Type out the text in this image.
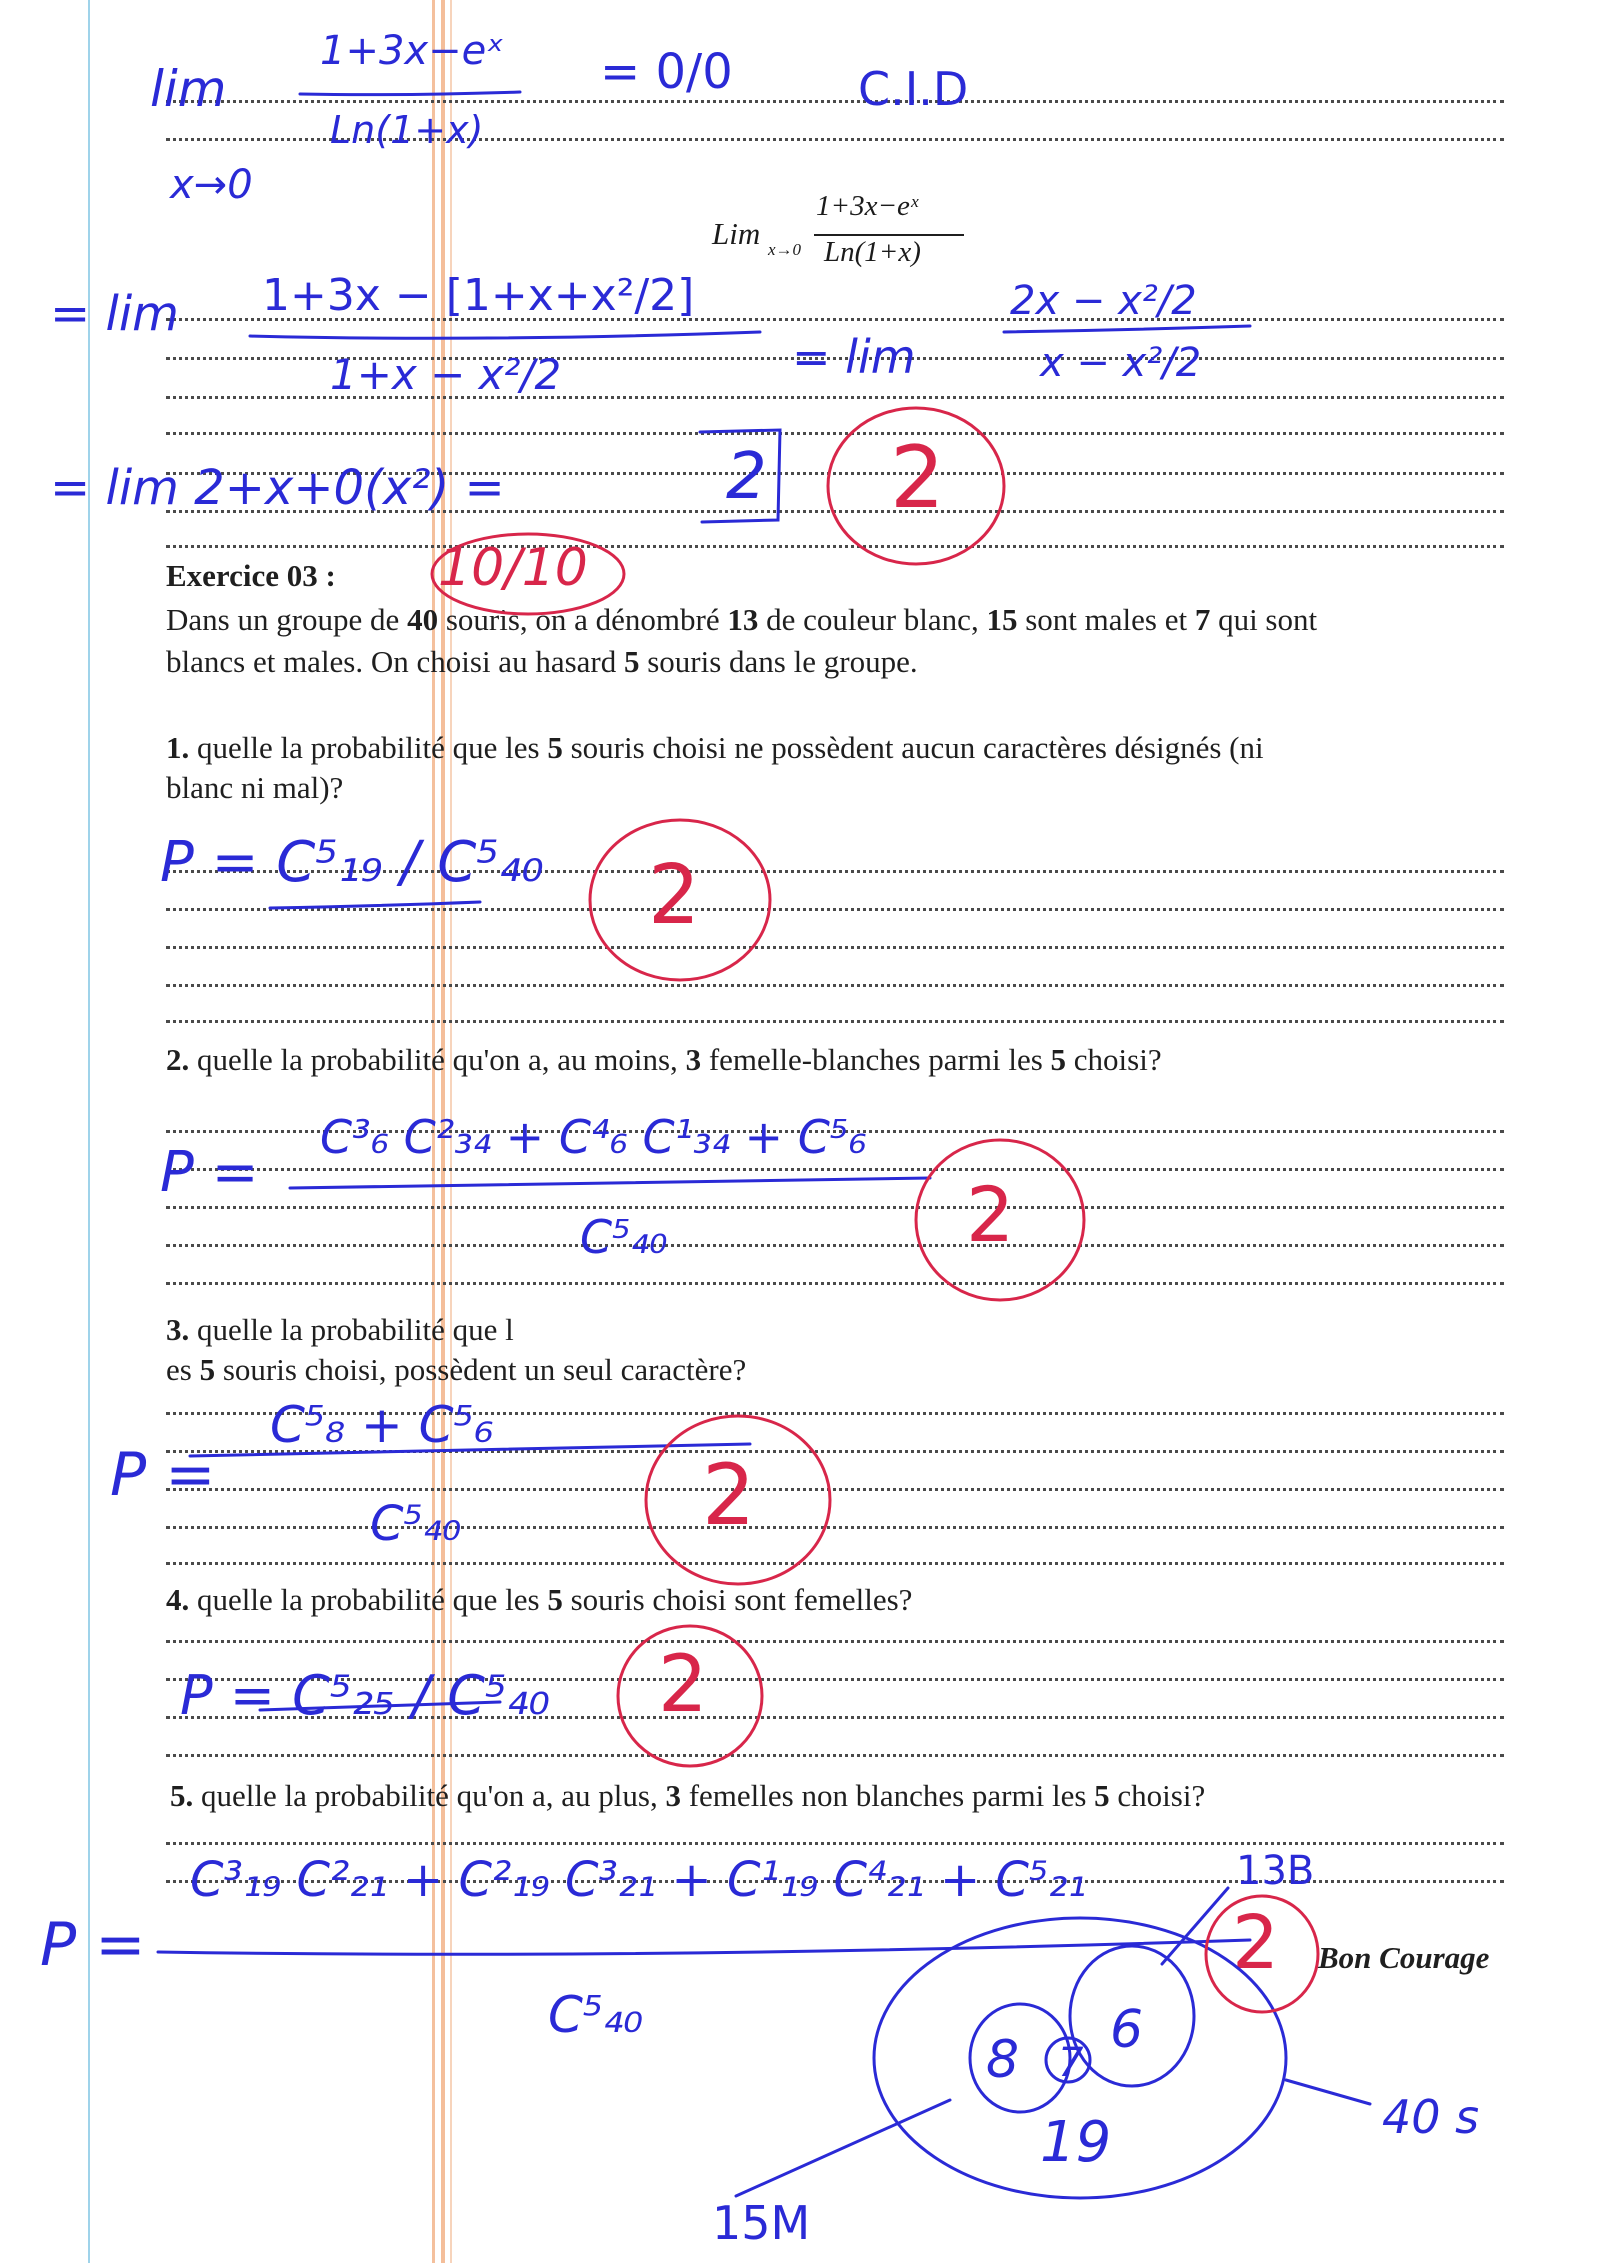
Lim x→0
1+3x−eˣ
Ln(1+x)
Exercice 03 :
Dans un groupe de 40 souris, on a dénombré 13 de couleur blanc, 15 sont males et 7 qui sont
blancs et males. On choisi au hasard 5 souris dans le groupe.
1. quelle la probabilité que les 5 souris choisi ne possèdent aucun caractères désignés (ni
blanc ni mal)?
2. quelle la probabilité qu'on a, au moins, 3 femelle-blanches parmi les 5 choisi?
3. quelle la probabilité que l
es 5 souris choisi, possèdent un seul caractère?
4. quelle la probabilité que les 5 souris choisi sont femelles?
5. quelle la probabilité qu'on a, au plus, 3 femelles non blanches parmi les 5 choisi?
Bon Courage
lim
1+3x−eˣ
Ln(1+x)
x→0
= 0/0	C.I.D
= lim 1+3x − [1+x+x²/2]
1+x − x²/2	= lim
2x − x²/2
x − x²/2
= lim 2+x+0(x²) =	2
P = C⁵₁₉ / C⁵₄₀
P =
C³₆ C²₃₄ + C⁴₆ C¹₃₄ + C⁵₆
C⁵₄₀
P =
C⁵₈ + C⁵₆
C⁵₄₀
P = C⁵₂₅ / C⁵₄₀
P =
C³₁₉ C²₂₁ + C²₁₉ C³₂₁ + C¹₁₉ C⁴₂₁ + C⁵₂₁
C⁵₄₀
13B
8 7
6
19	40 s
15M
10/10
2
2
2
2
2
2
